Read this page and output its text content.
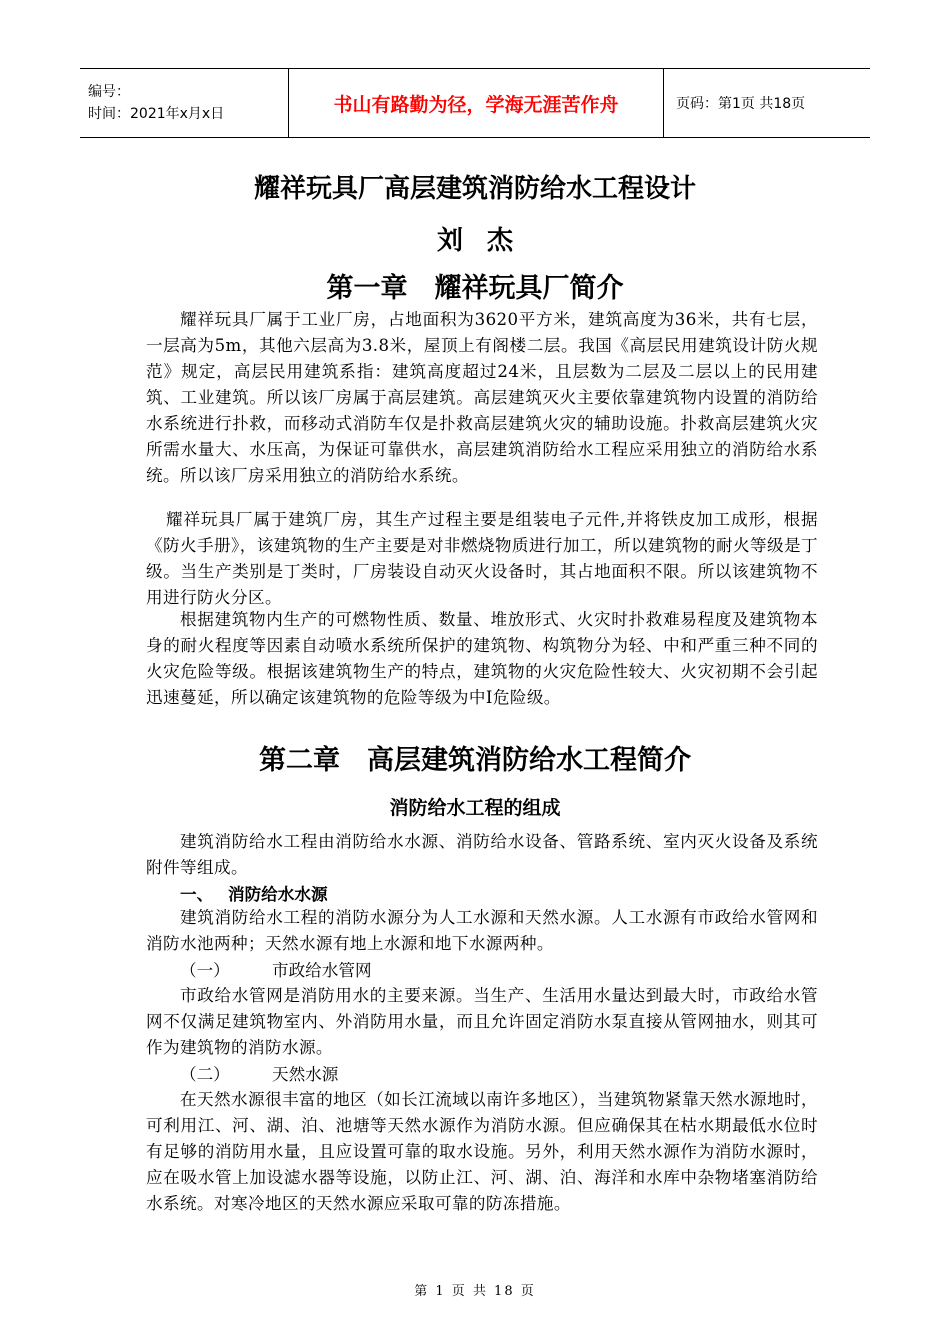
编号：
时间：2021年x月x日	书山有路勤为径，学海无涯苦作舟	页码：第1页 共18页
耀祥玩具厂高层建筑消防给水工程设计
刘杰
第一章　耀祥玩具厂简介
耀祥玩具厂属于工业厂房，占地面积为3620平方米，建筑高度为36米，共有七层，一层高为5m，其他六层高为3.8米，屋顶上有阁楼二层。我国《高层民用建筑设计防火规范》规定，高层民用建筑系指：建筑高度超过24米，且层数为二层及二层以上的民用建筑、工业建筑。所以该厂房属于高层建筑。高层建筑灭火主要依靠建筑物内设置的消防给水系统进行扑救，而移动式消防车仅是扑救高层建筑火灾的辅助设施。扑救高层建筑火灾所需水量大、水压高，为保证可靠供水，高层建筑消防给水工程应采用独立的消防给水系统。所以该厂房采用独立的消防给水系统。
耀祥玩具厂属于建筑厂房，其生产过程主要是组装电子元件,并将铁皮加工成形，根据《防火手册》，该建筑物的生产主要是对非燃烧物质进行加工，所以建筑物的耐火等级是丁级。当生产类别是丁类时，厂房装设自动灭火设备时，其占地面积不限。所以该建筑物不用进行防火分区。
根据建筑物内生产的可燃物性质、数量、堆放形式、火灾时扑救难易程度及建筑物本身的耐火程度等因素自动喷水系统所保护的建筑物、构筑物分为轻、中和严重三种不同的火灾危险等级。根据该建筑物生产的特点，建筑物的火灾危险性较大、火灾初期不会引起迅速蔓延，所以确定该建筑物的危险等级为中Ⅰ危险级。
第二章　高层建筑消防给水工程简介
消防给水工程的组成
建筑消防给水工程由消防给水水源、消防给水设备、管路系统、室内灭火设备及系统附件等组成。
一、 消防给水水源
建筑消防给水工程的消防水源分为人工水源和天然水源。人工水源有市政给水管网和消防水池两种；天然水源有地上水源和地下水源两种。
（一）	市政给水管网
市政给水管网是消防用水的主要来源。当生产、生活用水量达到最大时，市政给水管网不仅满足建筑物室内、外消防用水量，而且允许固定消防水泵直接从管网抽水，则其可作为建筑物的消防水源。
（二）	天然水源
在天然水源很丰富的地区（如长江流域以南许多地区），当建筑物紧靠天然水源地时，可利用江、河、湖、泊、池塘等天然水源作为消防水源。但应确保其在枯水期最低水位时有足够的消防用水量，且应设置可靠的取水设施。另外，利用天然水源作为消防水源时，应在吸水管上加设滤水器等设施，以防止江、河、湖、泊、海洋和水库中杂物堵塞消防给水系统。对寒冷地区的天然水源应采取可靠的防冻措施。
第 1 页 共 18 页
